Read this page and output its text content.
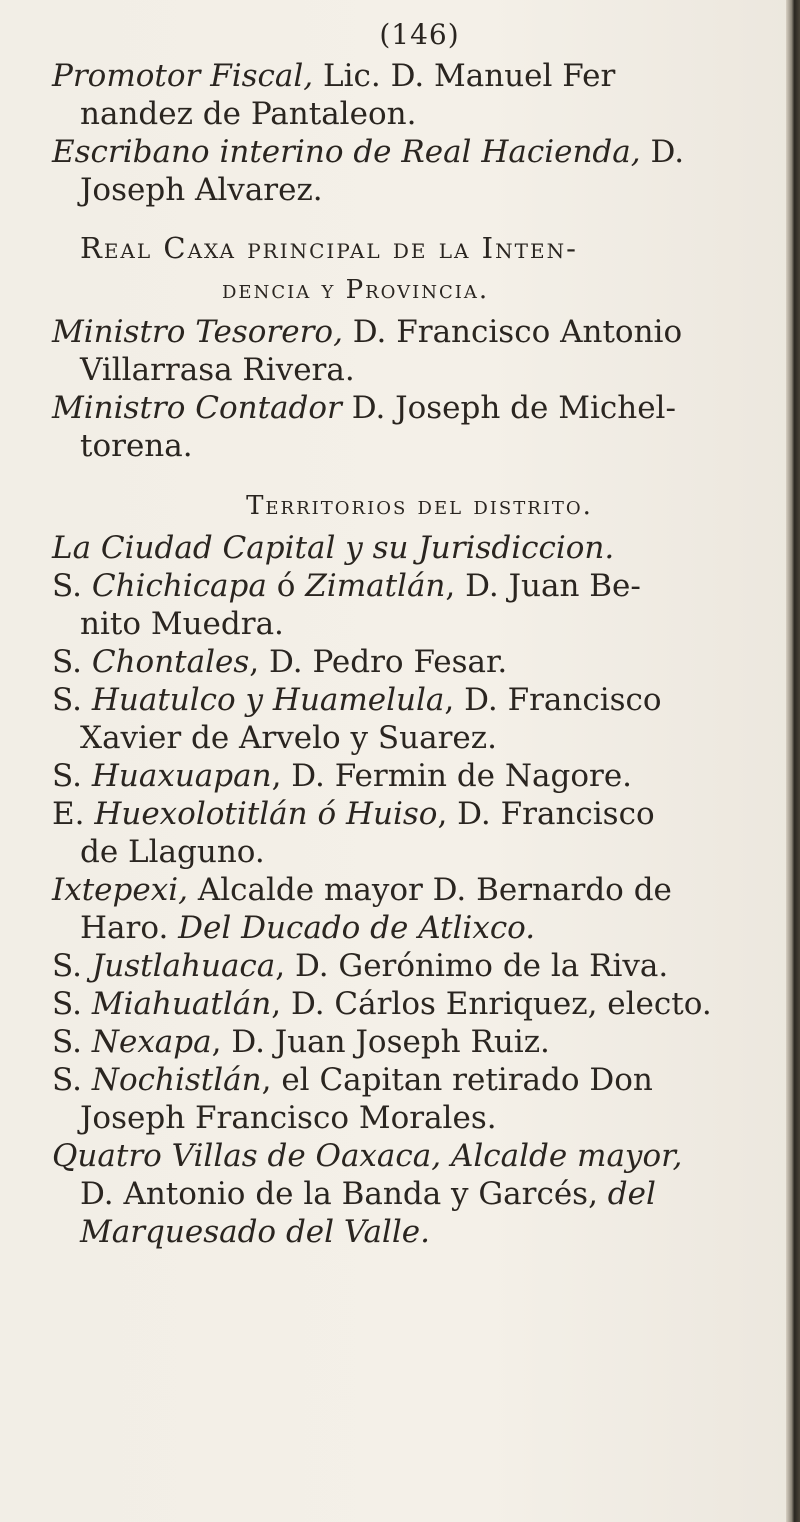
(146)
Promotor Fiscal, Lic. D. Manuel Fer
nandez de Pantaleon.
Escribano interino de Real Hacienda, D.
Joseph Alvarez.
Real Caxa principal de la Inten-
dencia y Provincia.
Ministro Tesorero, D. Francisco Antonio
Villarrasa Rivera.
Ministro Contador D. Joseph de Michel-
torena.
Territorios del distrito.
La Ciudad Capital y su Jurisdiccion.
S. Chichicapa ó Zimatlán, D. Juan Be-
nito Muedra.
S. Chontales, D. Pedro Fesar.
S. Huatulco y Huamelula, D. Francisco
Xavier de Arvelo y Suarez.
S. Huaxuapan, D. Fermin de Nagore.
E. Huexolotitlán ó Huiso, D. Francisco
de Llaguno.
Ixtepexi, Alcalde mayor D. Bernardo de
Haro. Del Ducado de Atlixco.
S. Justlahuaca, D. Gerónimo de la Riva.
S. Miahuatlán, D. Cárlos Enriquez, electo.
S. Nexapa, D. Juan Joseph Ruiz.
S. Nochistlán, el Capitan retirado Don
Joseph Francisco Morales.
Quatro Villas de Oaxaca, Alcalde mayor,
D. Antonio de la Banda y Garcés, del
Marquesado del Valle.
